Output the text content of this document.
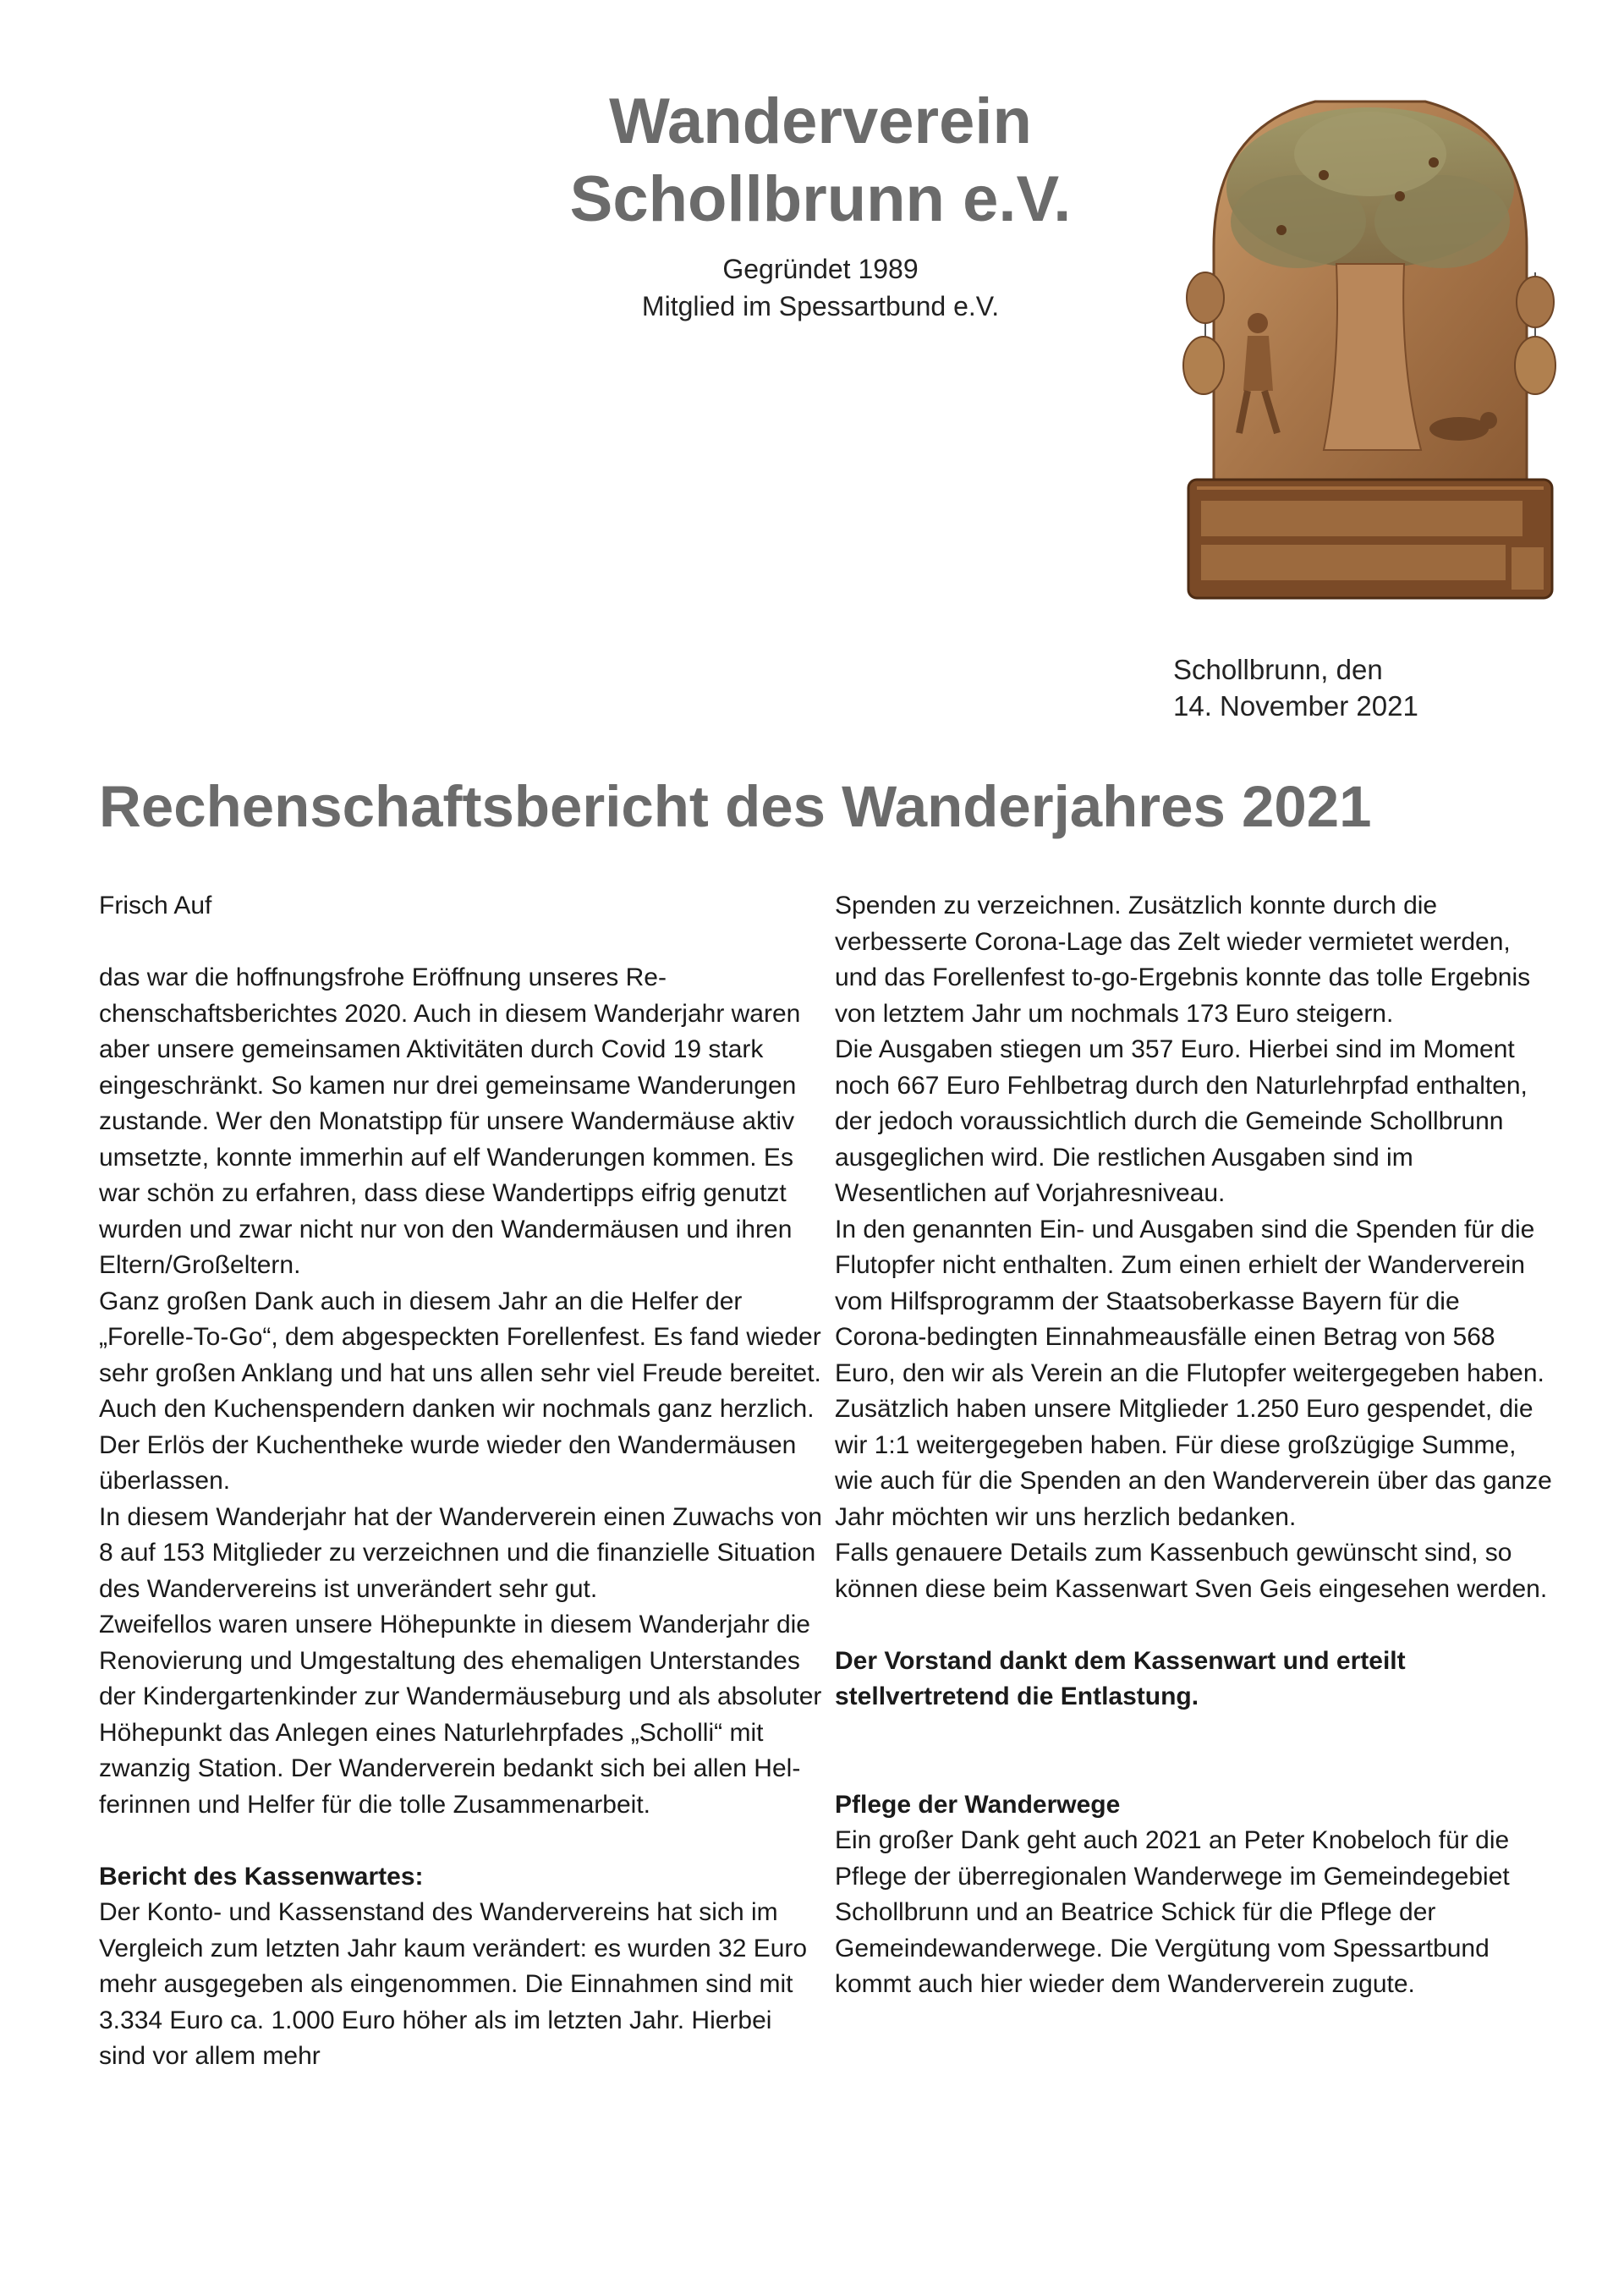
Wanderverein
Schollbrunn e.V.
Gegründet 1989
Mitglied im Spessartbund e.V.
Schollbrunn, den
14. November 2021
Rechenschaftsbericht des Wanderjahres 2021

Frisch Auf

das war die hoffnungsfrohe Eröffnung unseres Rechenschaftsberichtes 2020. Auch in diesem Wanderjahr waren aber unsere gemeinsamen Aktivitäten durch Covid 19 stark eingeschränkt. So kamen nur drei gemeinsame Wanderungen zustande. Wer den Monatstipp für unsere Wandermäuse aktiv umsetzte, konnte immerhin auf elf Wanderungen kommen. Es war schön zu erfahren, dass diese Wandertipps eifrig genutzt wurden und zwar nicht nur von den Wandermäusen und ihren Eltern/Großeltern.

Ganz großen Dank auch in diesem Jahr an die Helfer der „Forelle-To-Go“, dem abgespeckten Forellenfest. Es fand wieder sehr großen Anklang und hat uns allen sehr viel Freude bereitet. Auch den Kuchenspendern danken wir nochmals ganz herzlich. Der Erlös der Kuchentheke wurde wieder den Wandermäusen überlassen.

In diesem Wanderjahr hat der Wanderverein einen Zuwachs von 8 auf 153 Mitglieder zu verzeichnen und die finanzielle Situation des Wandervereins ist unverändert sehr gut.

Zweifellos waren unsere Höhepunkte in diesem Wanderjahr die Renovierung und Umgestaltung des ehemaligen Unterstandes der Kindergartenkinder zur Wandermäuseburg und als absoluter Höhepunkt das Anlegen eines Naturlehrpfades „Scholli“ mit zwanzig Station. Der Wanderverein bedankt sich bei allen Helferinnen und Helfer für die tolle Zusammenarbeit.

Bericht des Kassenwartes:

Der Konto- und Kassenstand des Wandervereins hat sich im Vergleich zum letzten Jahr kaum verändert: es wurden 32 Euro mehr ausgegeben als eingenommen. Die Einnahmen sind mit 3.334 Euro ca. 1.000 Euro höher als im letzten Jahr. Hierbei sind vor allem mehr

Spenden zu verzeichnen. Zusätzlich konnte durch die verbesserte Corona-Lage das Zelt wieder vermietet werden, und das Forellenfest to-go-Ergebnis konnte das tolle Ergebnis von letztem Jahr um nochmals 173 Euro steigern.

Die Ausgaben stiegen um 357 Euro. Hierbei sind im Moment noch 667 Euro Fehlbetrag durch den Naturlehrpfad enthalten, der jedoch voraussichtlich durch die Gemeinde Schollbrunn ausgeglichen wird. Die restlichen Ausgaben sind im Wesentlichen auf Vorjahresniveau.

In den genannten Ein- und Ausgaben sind die Spenden für die Flutopfer nicht enthalten. Zum einen erhielt der Wanderverein vom Hilfsprogramm der Staatsoberkasse Bayern für die Corona-bedingten Einnahmeausfälle einen Betrag von 568 Euro, den wir als Verein an die Flutopfer weitergegeben haben. Zusätzlich haben unsere Mitglieder 1.250 Euro gespendet, die wir 1:1 weitergegeben haben. Für diese großzügige Summe, wie auch für die Spenden an den Wanderverein über das ganze Jahr möchten wir uns herzlich bedanken.

Falls genauere Details zum Kassenbuch gewünscht sind, so können diese beim Kassenwart Sven Geis eingesehen werden.

Der Vorstand dankt dem Kassenwart und erteilt stellvertretend die Entlastung.

Pflege der Wanderwege

Ein großer Dank geht auch 2021 an Peter Knobeloch für die Pflege der überregionalen Wanderwege im Gemeindegebiet Schollbrunn und an Beatrice Schick für die Pflege der Gemeindewanderwege. Die Vergütung vom Spessartbund kommt auch hier wieder dem Wanderverein zugute.
